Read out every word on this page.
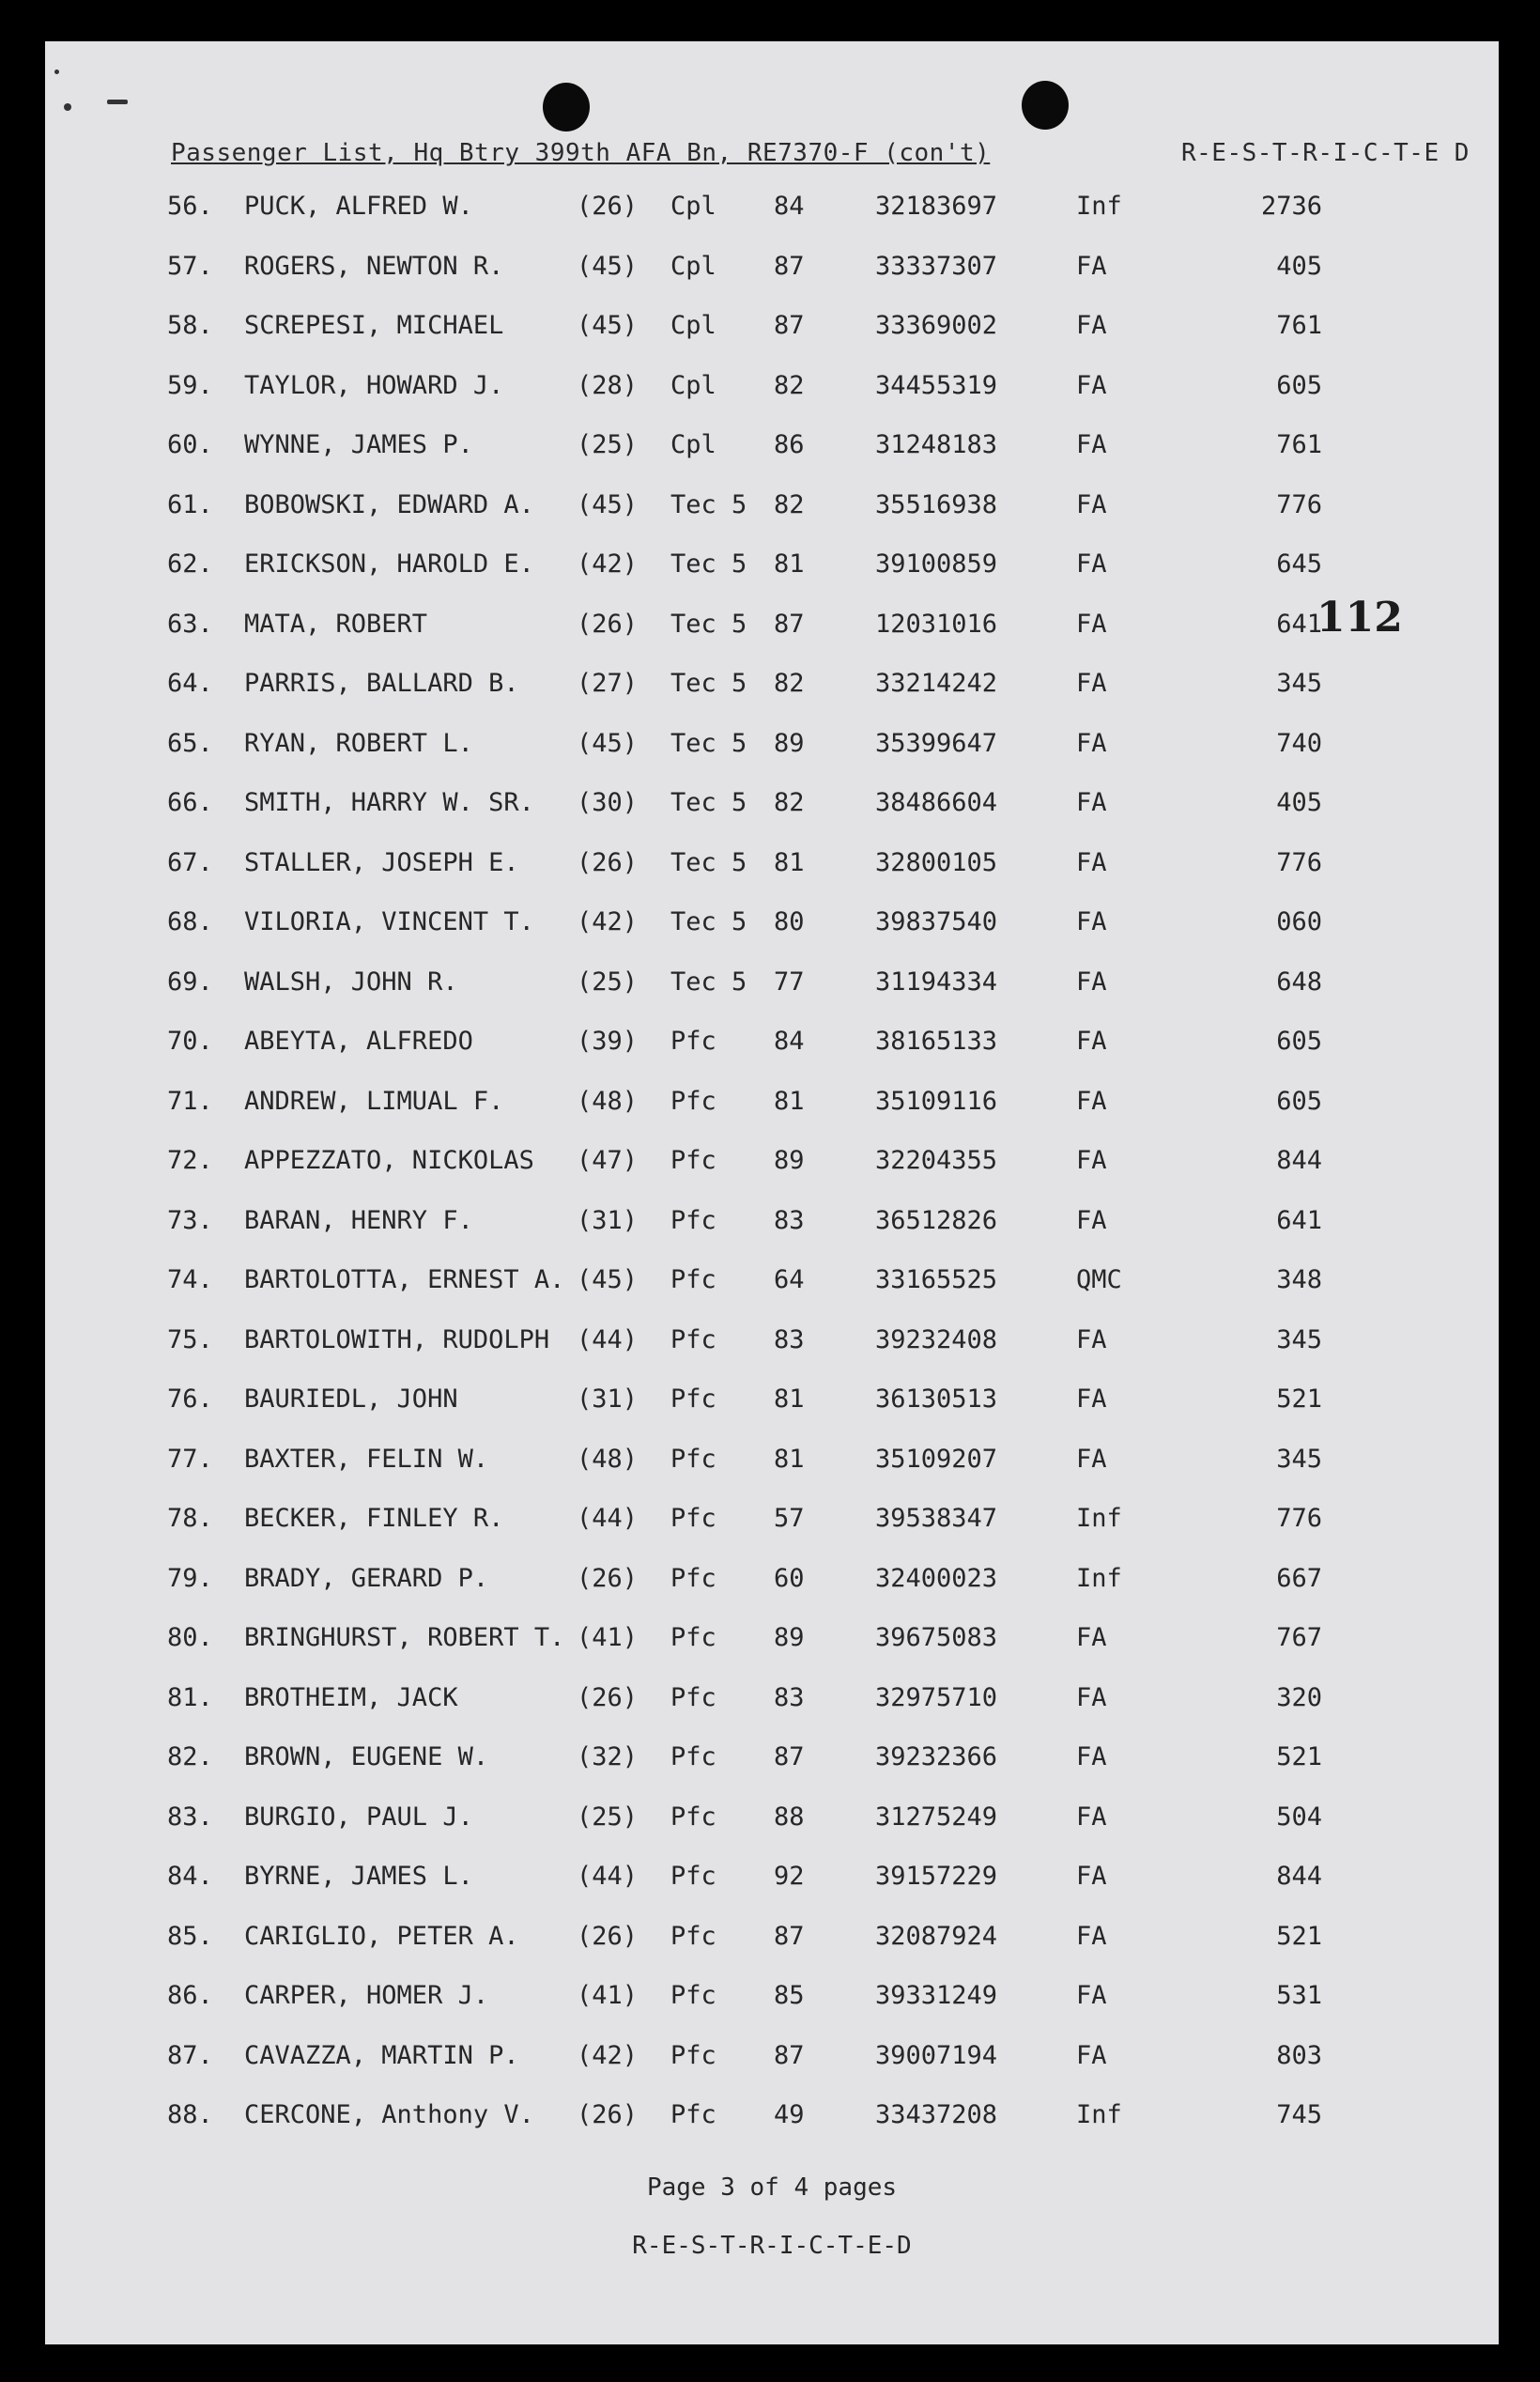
Passenger List, Hq Btry 399th AFA Bn, RE7370-F (con't)	R-E-S-T-R-I-C-T-E D
112
56. PUCK, ALFRED W.	(26) Cpl 84	32183697	Inf	2736
57. ROGERS, NEWTON R.	(45) Cpl 87	33337307	FA	405
58. SCREPESI, MICHAEL	(45) Cpl 87	33369002	FA	761
59. TAYLOR, HOWARD J.	(28) Cpl 82	34455319	FA	605
60. WYNNE, JAMES P.	(25) Cpl 86	31248183	FA	761
61. BOBOWSKI, EDWARD A. (45) Tec 5 82	35516938	FA	776
62. ERICKSON, HAROLD E. (42) Tec 5 81	39100859	FA	645
63. MATA, ROBERT	(26) Tec 5 87	12031016	FA	641
64. PARRIS, BALLARD B. (27) Tec 5 82	33214242	FA	345
65. RYAN, ROBERT L.	(45) Tec 5 89	35399647	FA	740
66. SMITH, HARRY W. SR. (30) Tec 5 82	38486604	FA	405
67. STALLER, JOSEPH E. (26) Tec 5 81	32800105	FA	776
68. VILORIA, VINCENT T. (42) Tec 5 80	39837540	FA	060
69. WALSH, JOHN R.	(25) Tec 5 77	31194334	FA	648
70. ABEYTA, ALFREDO	(39) Pfc 84	38165133	FA	605
71. ANDREW, LIMUAL F.	(48) Pfc 81	35109116	FA	605
72. APPEZZATO, NICKOLAS (47) Pfc 89	32204355	FA	844
73. BARAN, HENRY F.	(31) Pfc 83	36512826	FA	641
74. BARTOLOTTA, ERNEST A. (45) Pfc 64	33165525	QMC	348
75. BARTOLOWITH, RUDOLPH (44) Pfc 83	39232408	FA	345
76. BAURIEDL, JOHN	(31) Pfc 81	36130513	FA	521
77. BAXTER, FELIN W.	(48) Pfc 81	35109207	FA	345
78. BECKER, FINLEY R.	(44) Pfc 57	39538347	Inf	776
79. BRADY, GERARD P.	(26) Pfc 60	32400023	Inf	667
80. BRINGHURST, ROBERT T. (41) Pfc 89	39675083	FA	767
81. BROTHEIM, JACK	(26) Pfc 83	32975710	FA	320
82. BROWN, EUGENE W.	(32) Pfc 87	39232366	FA	521
83. BURGIO, PAUL J.	(25) Pfc 88	31275249	FA	504
84. BYRNE, JAMES L.	(44) Pfc 92	39157229	FA	844
85. CARIGLIO, PETER A. (26) Pfc 87	32087924	FA	521
86. CARPER, HOMER J.	(41) Pfc 85	39331249	FA	531
87. CAVAZZA, MARTIN P. (42) Pfc 87	39007194	FA	803
88. CERCONE, Anthony V. (26) Pfc 49	33437208	Inf	745
Page 3 of 4 pages
R-E-S-T-R-I-C-T-E-D
